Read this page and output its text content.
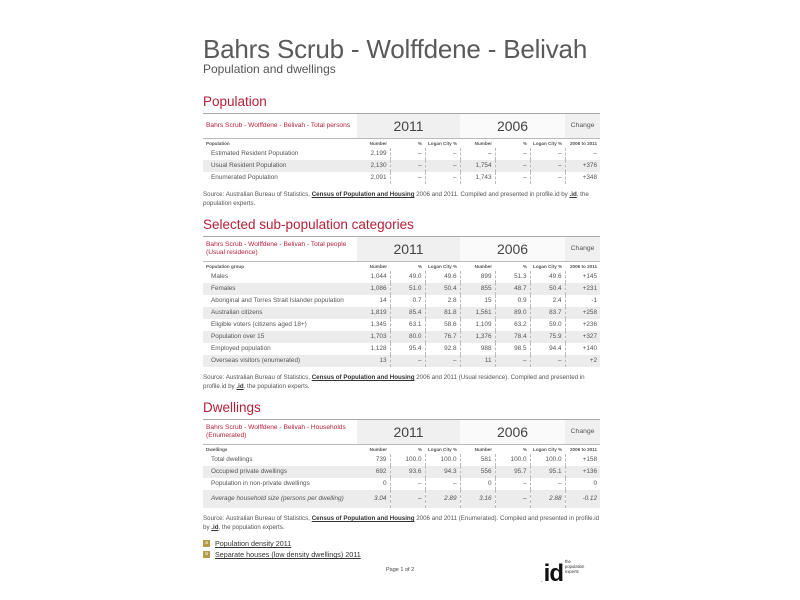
Bahrs Scrub - Wolffdene - Belivah
Population and dwellings
Population
Bahrs Scrub - Wolffdene - Belivah - Total persons	2011			2006			Change
Population	Number	%	Logan City %	Number	%	Logan City %	2006 to 2011
Estimated Resident Population	2,199	–	–	–	–	–	–
Usual Resident Population	2,130	–	–	1,754	–	–	+376
Enumerated Population	2,091	–	–	1,743	–	–	+348
Source: Australian Bureau of Statistics, Census of Population and Housing 2006 and 2011. Compiled and presented in profile.id by .id, the population experts.
Selected sub-population categories
Bahrs Scrub - Wolffdene - Belivah - Total people (Usual residence)	2011			2006			Change
Population group	Number	%	Logan City %	Number	%	Logan City %	2006 to 2011
Males	1,044	49.0	49.6	899	51.3	49.6	+145
Females	1,086	51.0	50.4	855	48.7	50.4	+231
Aboriginal and Torres Strait Islander population	14	0.7	2.8	15	0.9	2.4	-1
Australian citizens	1,819	85.4	81.8	1,561	89.0	83.7	+258
Eligible voters (citizens aged 18+)	1,345	63.1	58.6	1,109	63.2	59.0	+236
Population over 15	1,703	80.0	76.7	1,376	78.4	75.9	+327
Employed population	1,128	95.4	92.8	988	98.5	94.4	+140
Overseas visitors (enumerated)	13	–	–	11	–	–	+2
Source: Australian Bureau of Statistics, Census of Population and Housing 2006 and 2011 (Usual residence). Compiled and presented in profile.id by .id, the population experts.
Dwellings
Bahrs Scrub - Wolffdene - Belivah - Households (Enumerated)	2011			2006			Change
Dwellings	Number	%	Logan City %	Number	%	Logan City %	2006 to 2011
Total dwellings	739	100.0	100.0	581	100.0	100.0	+158
Occupied private dwellings	692	93.6	94.3	556	95.7	95.1	+136
Population in non-private dwellings	0	–	–	0	–	–	0
Average household size (persons per dwelling)	3.04	–	2.89	3.16	–	2.88	-0.12
Source: Australian Bureau of Statistics, Census of Population and Housing 2006 and 2011 (Enumerated). Compiled and presented in profile.id by .id, the population experts.
a Population density 2011
a Separate houses (low density dwellings) 2011
Page 1 of 2
. id the
population
experts
